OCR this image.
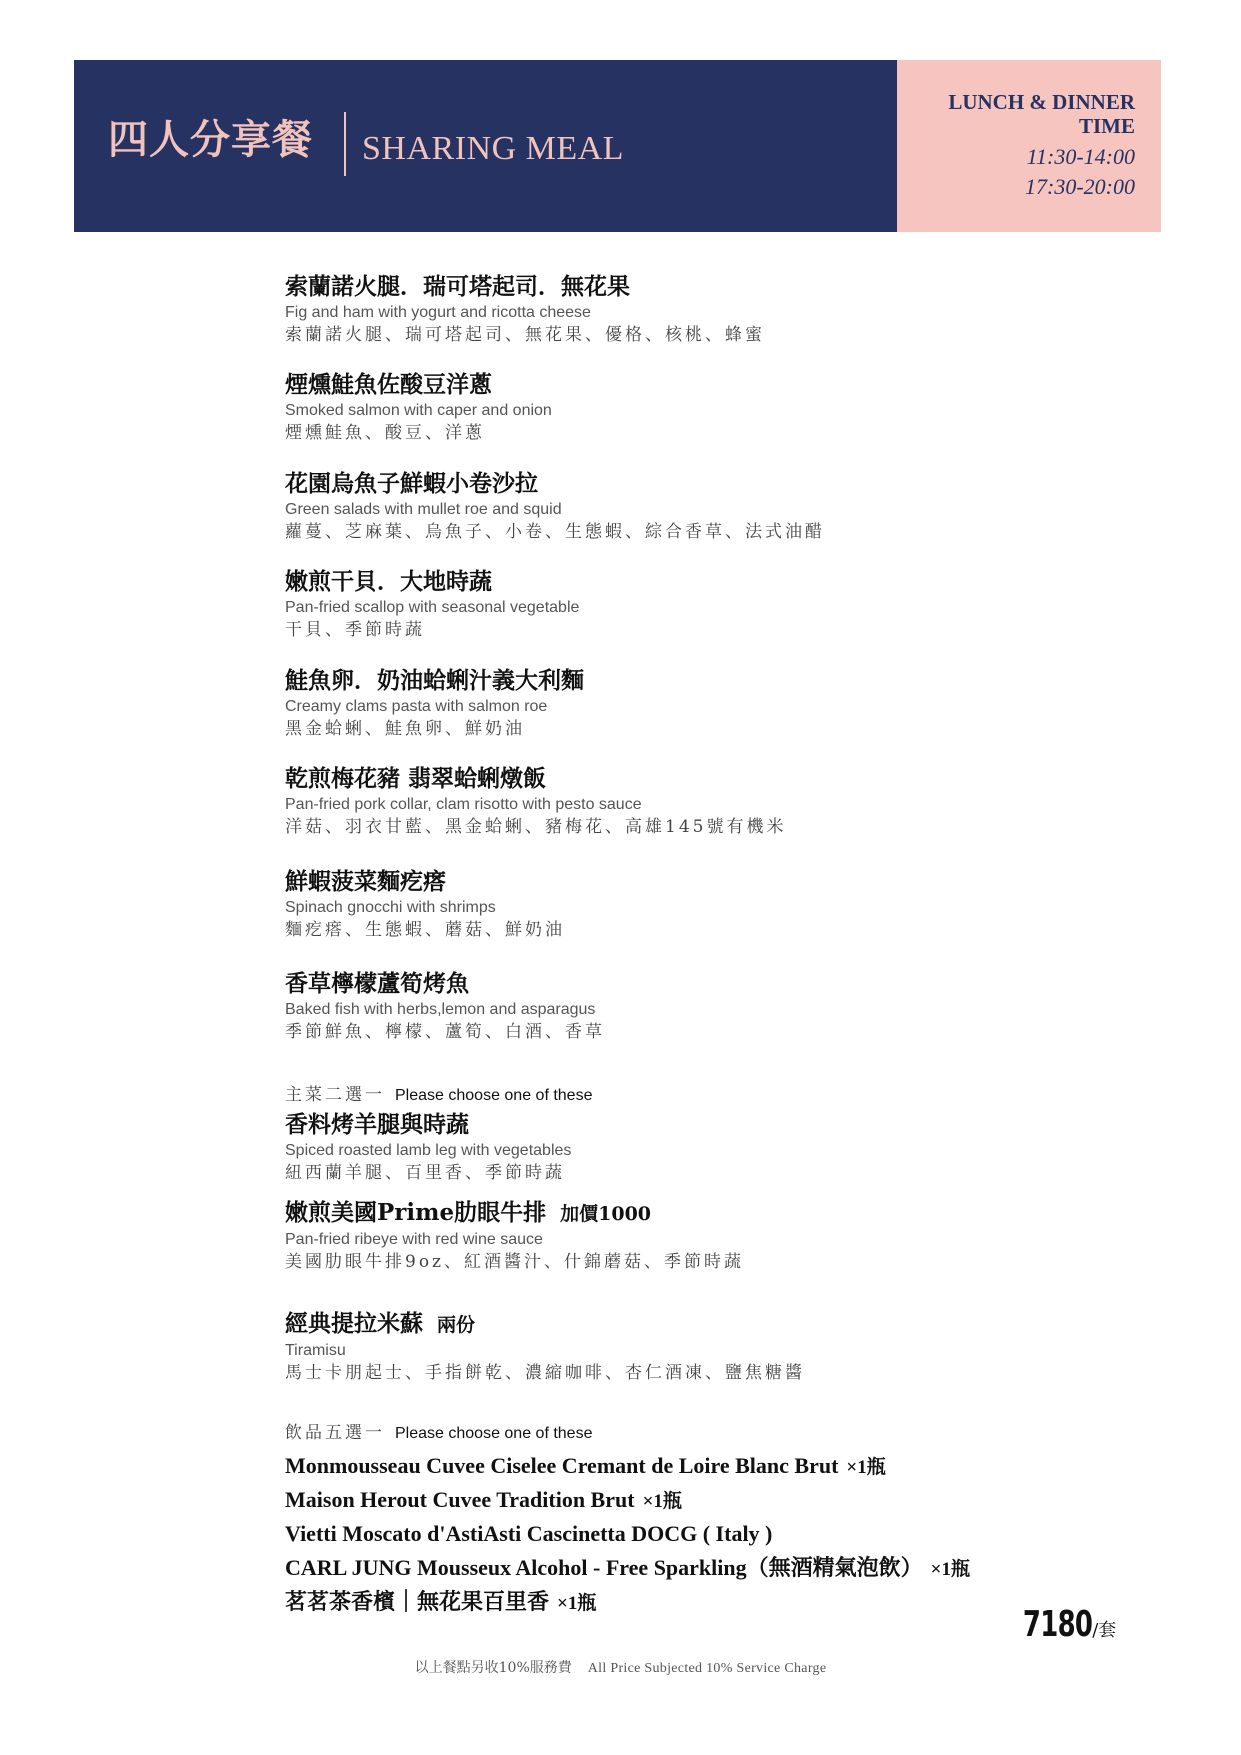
四人分享餐 SHARING MEAL
LUNCH & DINNER
TIME
11:30-14:00
17:30-20:00
索蘭諾火腿．瑞可塔起司．無花果
Fig and ham with yogurt and ricotta cheese
索蘭諾火腿、瑞可塔起司、無花果、優格、核桃、蜂蜜
煙燻鮭魚佐酸豆洋蔥
Smoked salmon with caper and onion
煙燻鮭魚、酸豆、洋蔥
花園烏魚子鮮蝦小卷沙拉
Green salads with mullet roe and squid
蘿蔓、芝麻葉、烏魚子、小卷、生態蝦、綜合香草、法式油醋
嫩煎干貝．大地時蔬
Pan-fried scallop with seasonal vegetable
干貝、季節時蔬
鮭魚卵．奶油蛤蜊汁義大利麵
Creamy clams pasta with salmon roe
黑金蛤蜊、鮭魚卵、鮮奶油
乾煎梅花豬 翡翠蛤蜊燉飯
Pan-fried pork collar, clam risotto with pesto sauce
洋菇、羽衣甘藍、黑金蛤蜊、豬梅花、高雄145號有機米
鮮蝦菠菜麵疙瘩
Spinach gnocchi with shrimps
麵疙瘩、生態蝦、蘑菇、鮮奶油
香草檸檬蘆筍烤魚
Baked fish with herbs,lemon and asparagus
季節鮮魚、檸檬、蘆筍、白酒、香草
主菜二選一 Please choose one of these
香料烤羊腿與時蔬
Spiced roasted lamb leg with vegetables
紐西蘭羊腿、百里香、季節時蔬
嫩煎美國Prime肋眼牛排 加價1000
Pan-fried ribeye with red wine sauce
美國肋眼牛排9oz、紅酒醬汁、什錦蘑菇、季節時蔬
經典提拉米蘇 兩份
Tiramisu
馬士卡朋起士、手指餅乾、濃縮咖啡、杏仁酒凍、鹽焦糖醬
飲品五選一 Please choose one of these
Monmousseau Cuvee Ciselee Cremant de Loire Blanc Brut ×1瓶
Maison Herout Cuvee Tradition Brut ×1瓶
Vietti Moscato d'AstiAsti Cascinetta DOCG ( Italy )
CARL JUNG Mousseux Alcohol - Free Sparkling（無酒精氣泡飲） ×1瓶
茗茗茶香檳｜無花果百里香 ×1瓶
7180/套
以上餐點另收10%服務費 All Price Subjected 10% Service Charge
